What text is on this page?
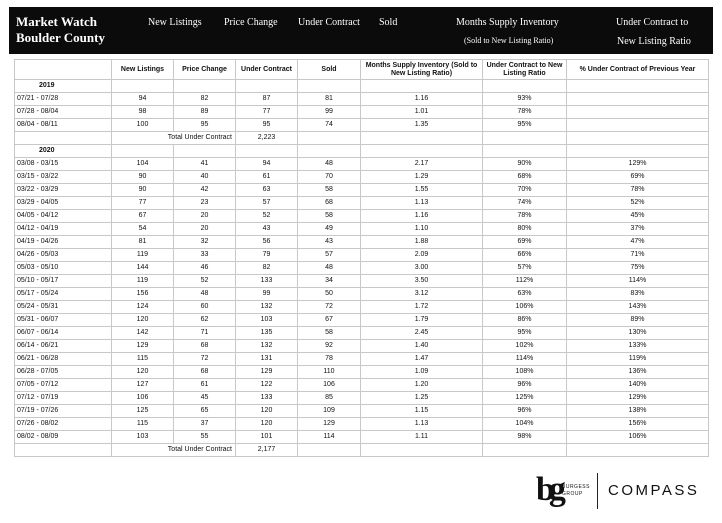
Market Watch
Boulder County
New Listings Price Change Under Contract Sold	Months Supply Inventory
(Sold to New Listing Ratio)
Under Contract to
New Listing Ratio
	New Listings	Price Change	Under Contract	Sold	Months Supply Inventory (Sold to New Listing Ratio)	Under Contract to New Listing Ratio	% Under Contract of Previous Year
2019							
07/21 - 07/28	94	82	87	81	1.16	93%	
07/28 - 08/04	98	89	77	99	1.01	78%	
08/04 - 08/11	100	95	95	74	1.35	95%	
	Total Under Contract		2,223				
2020							
03/08 - 03/15	104	41	94	48	2.17	90%	129%
03/15 - 03/22	90	40	61	70	1.29	68%	69%
03/22 - 03/29	90	42	63	58	1.55	70%	78%
03/29 - 04/05	77	23	57	68	1.13	74%	52%
04/05 - 04/12	67	20	52	58	1.16	78%	45%
04/12 - 04/19	54	20	43	49	1.10	80%	37%
04/19 - 04/26	81	32	56	43	1.88	69%	47%
04/26 - 05/03	119	33	79	57	2.09	66%	71%
05/03 - 05/10	144	46	82	48	3.00	57%	75%
05/10 - 05/17	119	52	133	34	3.50	112%	114%
05/17 - 05/24	156	48	99	50	3.12	63%	83%
05/24 - 05/31	124	60	132	72	1.72	106%	143%
05/31 - 06/07	120	62	103	67	1.79	86%	89%
06/07 - 06/14	142	71	135	58	2.45	95%	130%
06/14 - 06/21	129	68	132	92	1.40	102%	133%
06/21 - 06/28	115	72	131	78	1.47	114%	119%
06/28 - 07/05	120	68	129	110	1.09	108%	136%
07/05 - 07/12	127	61	122	106	1.20	96%	140%
07/12 - 07/19	106	45	133	85	1.25	125%	129%
07/19 - 07/26	125	65	120	109	1.15	96%	138%
07/26 - 08/02	115	37	120	129	1.13	104%	156%
08/02 - 08/09	103	55	101	114	1.11	98%	106%
	Total Under Contract		2,177				
bg BURGESS
GROUP	COMPASS
